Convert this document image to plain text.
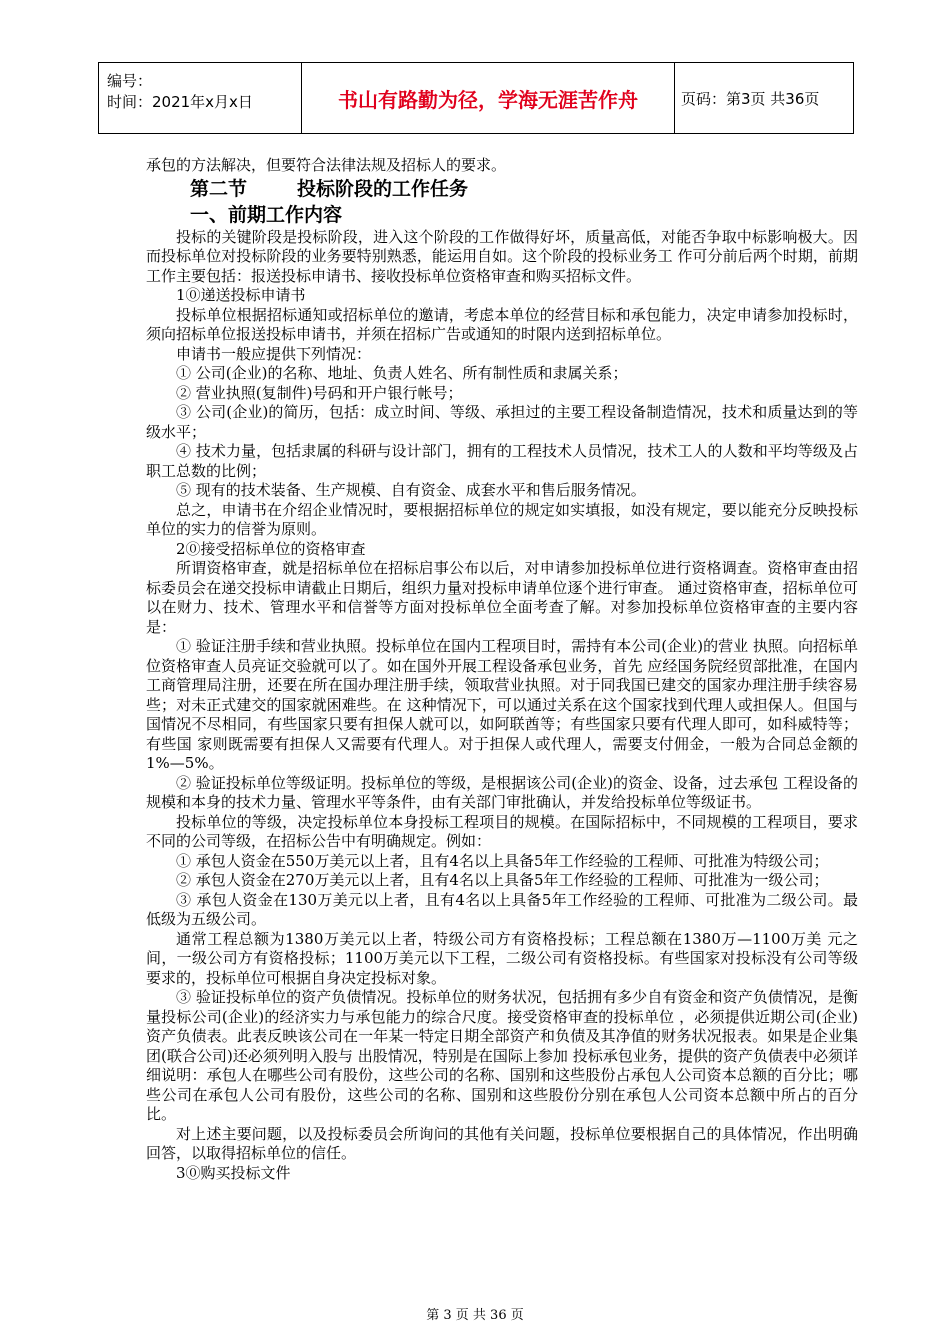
编号：
时间：2021年x月x日	书山有路勤为径，学海无涯苦作舟	页码：第3页 共36页

承包的方法解决，但要符合法律法规及招标人的要求。

第二节	投标阶段的工作任务
一、前期工作内容

投标的关键阶段是投标阶段，进入这个阶段的工作做得好坏，质量高低，对能否争取中标影响极大。因而投标单位对投标阶段的业务要特别熟悉，能运用自如。这个阶段的投标业务工 作可分前后两个时期，前期工作主要包括：报送投标申请书、接收投标单位资格审查和购买招标文件。

1⓪递送投标申请书

投标单位根据招标通知或招标单位的邀请，考虑本单位的经营目标和承包能力，决定申请参加投标时，须向招标单位报送投标申请书，并须在招标广告或通知的时限内送到招标单位。

申请书一般应提供下列情况：

① 公司(企业)的名称、地址、负责人姓名、所有制性质和隶属关系；

② 营业执照(复制件)号码和开户银行帐号；

③ 公司(企业)的简历，包括：成立时间、等级、承担过的主要工程设备制造情况，技术和质量达到的等级水平；

④ 技术力量，包括隶属的科研与设计部门，拥有的工程技术人员情况，技术工人的人数和平均等级及占职工总数的比例；

⑤ 现有的技术装备、生产规模、自有资金、成套水平和售后服务情况。

总之，申请书在介绍企业情况时，要根据招标单位的规定如实填报，如没有规定，要以能充分反映投标单位的实力的信誉为原则。

2⓪接受招标单位的资格审查

所谓资格审查，就是招标单位在招标启事公布以后，对申请参加投标单位进行资格调查。资格审查由招标委员会在递交投标申请截止日期后，组织力量对投标申请单位逐个进行审查。 通过资格审查，招标单位可以在财力、技术、管理水平和信誉等方面对投标单位全面考查了解。对参加投标单位资格审查的主要内容是：

① 验证注册手续和营业执照。投标单位在国内工程项目时，需持有本公司(企业)的营业 执照。向招标单位资格审查人员亮证交验就可以了。如在国外开展工程设备承包业务，首先 应经国务院经贸部批准，在国内工商管理局注册，还要在所在国办理注册手续，领取营业执照。对于同我国已建交的国家办理注册手续容易些；对未正式建交的国家就困难些。在 这种情况下，可以通过关系在这个国家找到代理人或担保人。但国与国情况不尽相同，有些国家只要有担保人就可以，如阿联酋等；有些国家只要有代理人即可，如科威特等；有些国 家则既需要有担保人又需要有代理人。对于担保人或代理人，需要支付佣金，一般为合同总金额的1%—5%。

② 验证投标单位等级证明。投标单位的等级，是根据该公司(企业)的资金、设备，过去承包 工程设备的规模和本身的技术力量、管理水平等条件，由有关部门审批确认，并发给投标单位等级证书。

投标单位的等级，决定投标单位本身投标工程项目的规模。在国际招标中，不同规模的工程项目，要求不同的公司等级，在招标公告中有明确规定。例如：

① 承包人资金在550万美元以上者，且有4名以上具备5年工作经验的工程师、可批准为特级公司；

② 承包人资金在270万美元以上者，且有4名以上具备5年工作经验的工程师、可批准为一级公司；

③ 承包人资金在130万美元以上者，且有4名以上具备5年工作经验的工程师、可批准为二级公司。最低级为五级公司。

通常工程总额为1380万美元以上者，特级公司方有资格投标；工程总额在1380万—1100万美 元之间，一级公司方有资格投标；1100万美元以下工程，二级公司有资格投标。有些国家对投标没有公司等级要求的，投标单位可根据自身决定投标对象。

③ 验证投标单位的资产负债情况。投标单位的财务状况，包括拥有多少自有资金和资产负债情况，是衡量投标公司(企业)的经济实力与承包能力的综合尺度。接受资格审查的投标单位 ，必须提供近期公司(企业)资产负债表。此表反映该公司在一年某一特定日期全部资产和负债及其净值的财务状况报表。如果是企业集团(联合公司)还必须列明入股与 出股情况，特别是在国际上参加 投标承包业务，提供的资产负债表中必须详细说明：承包人在哪些公司有股份，这些公司的名称、国别和这些股份占承包人公司资本总额的百分比；哪些公司在承包人公司有股份，这些公司的名称、国别和这些股份分别在承包人公司资本总额中所占的百分比。

对上述主要问题，以及投标委员会所询问的其他有关问题，投标单位要根据自己的具体情况，作出明确回答，以取得招标单位的信任。

3⓪购买投标文件

第 3 页 共 36 页
